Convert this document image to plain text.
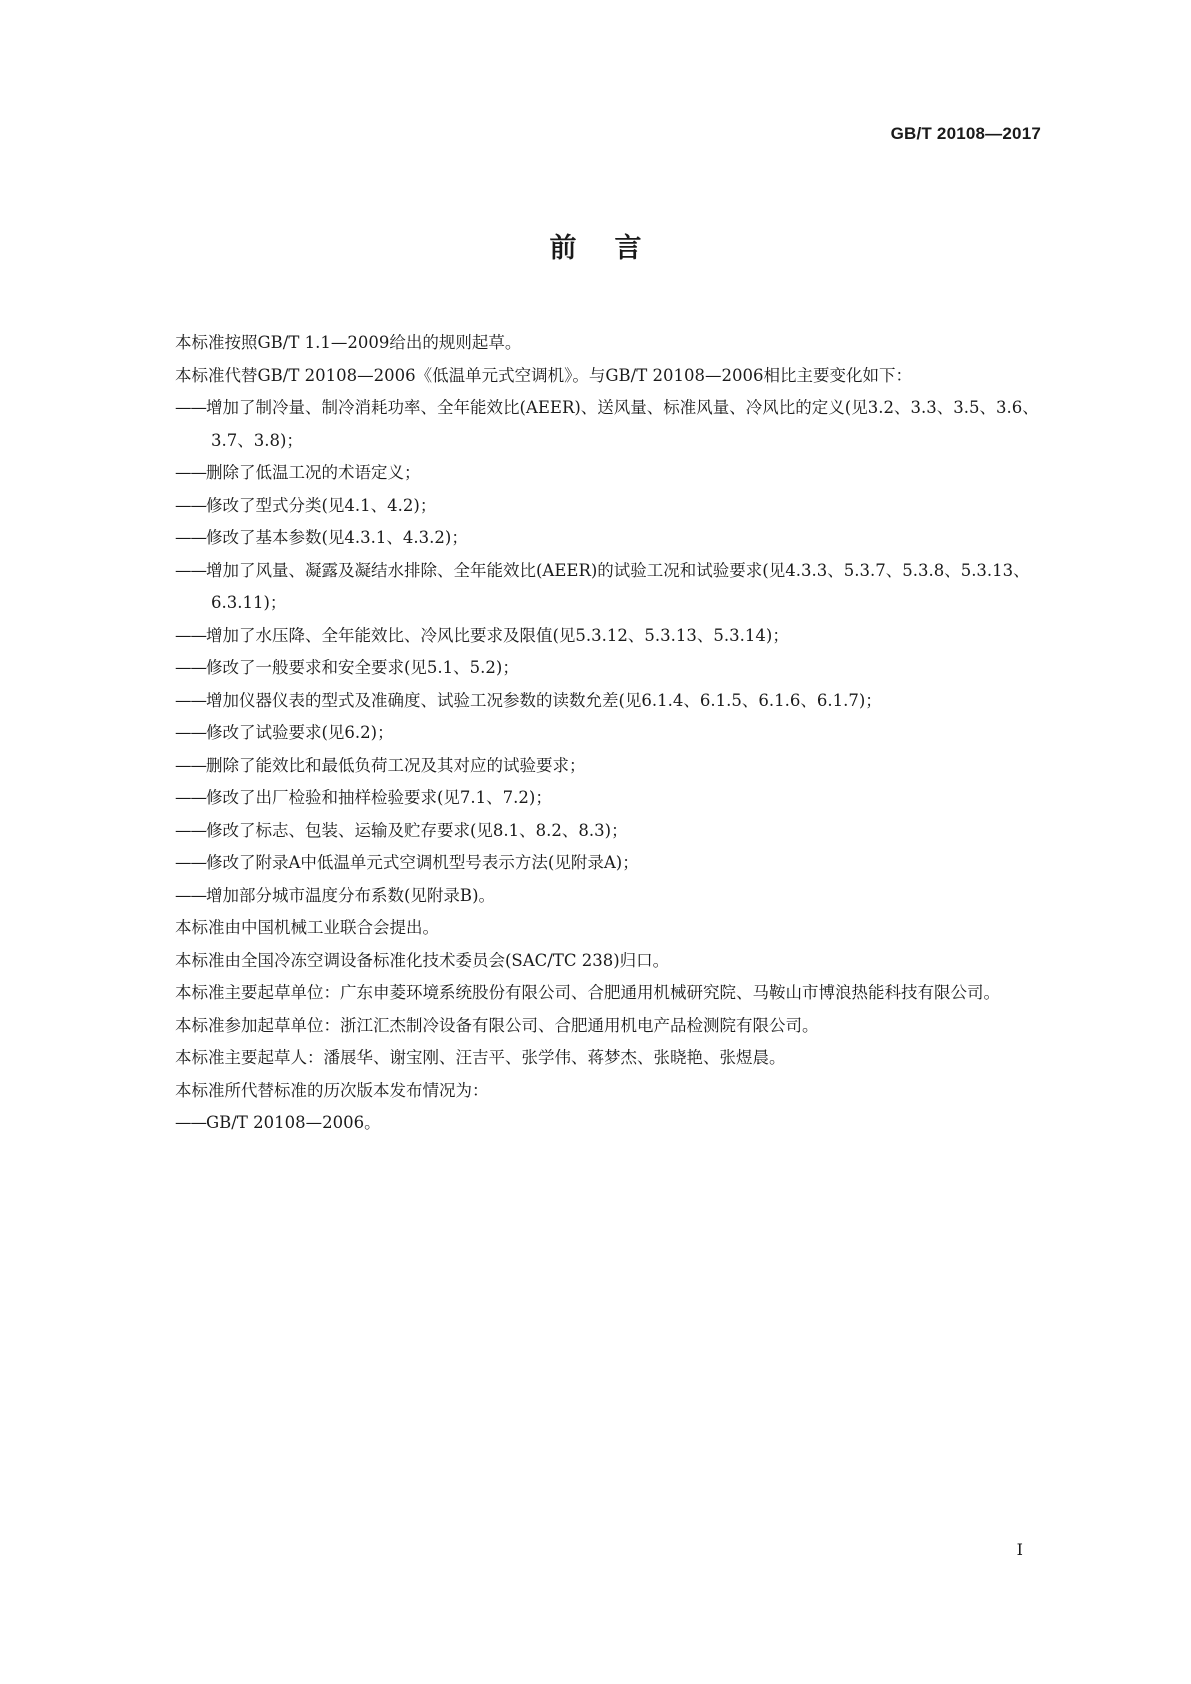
GB/T 20108—2017
前言

本标准按照GB/T 1.1—2009给出的规则起草。

本标准代替GB/T 20108—2006《低温单元式空调机》。与GB/T 20108—2006相比主要变化如下：

——增加了制冷量、制冷消耗功率、全年能效比(AEER)、送风量、标准风量、冷风比的定义(见3.2、3.3、3.5、3.6、3.7、3.8)；

——删除了低温工况的术语定义；

——修改了型式分类(见4.1、4.2)；

——修改了基本参数(见4.3.1、4.3.2)；

——增加了风量、凝露及凝结水排除、全年能效比(AEER)的试验工况和试验要求(见4.3.3、5.3.7、5.3.8、5.3.13、6.3.11)；

——增加了水压降、全年能效比、冷风比要求及限值(见5.3.12、5.3.13、5.3.14)；

——修改了一般要求和安全要求(见5.1、5.2)；

——增加仪器仪表的型式及准确度、试验工况参数的读数允差(见6.1.4、6.1.5、6.1.6、6.1.7)；

——修改了试验要求(见6.2)；

——删除了能效比和最低负荷工况及其对应的试验要求；

——修改了出厂检验和抽样检验要求(见7.1、7.2)；

——修改了标志、包装、运输及贮存要求(见8.1、8.2、8.3)；

——修改了附录A中低温单元式空调机型号表示方法(见附录A)；

——增加部分城市温度分布系数(见附录B)。

本标准由中国机械工业联合会提出。

本标准由全国冷冻空调设备标准化技术委员会(SAC/TC 238)归口。

本标准主要起草单位：广东申菱环境系统股份有限公司、合肥通用机械研究院、马鞍山市博浪热能科技有限公司。

本标准参加起草单位：浙江汇杰制冷设备有限公司、合肥通用机电产品检测院有限公司。

本标准主要起草人：潘展华、谢宝刚、汪吉平、张学伟、蒋梦杰、张晓艳、张煜晨。

本标准所代替标准的历次版本发布情况为：

——GB/T 20108—2006。

I
